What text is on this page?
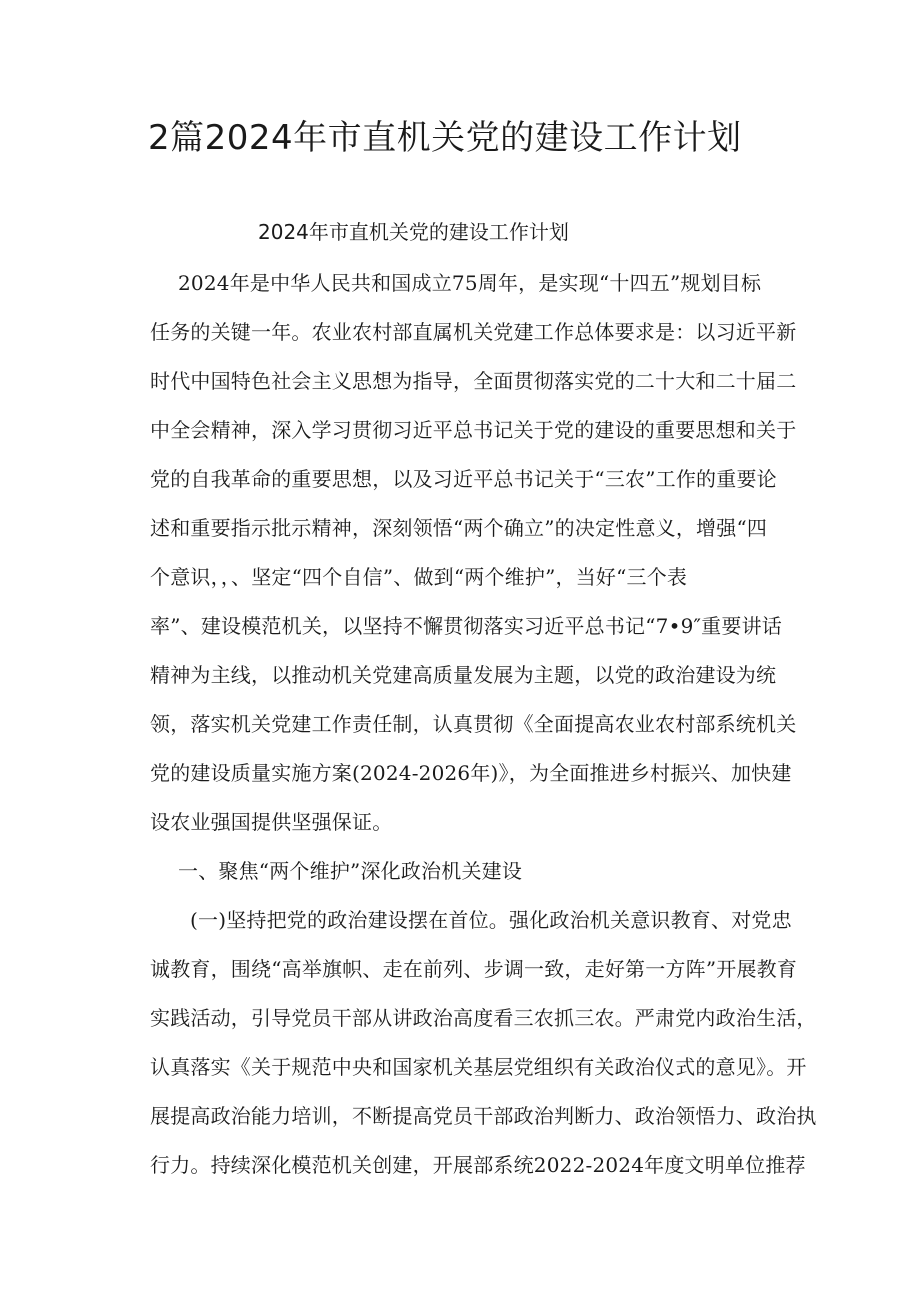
2篇2024年市直机关党的建设工作计划
2024年市直机关党的建设工作计划

2024年是中华人民共和国成立75周年，是实现“十四五”规划目标

任务的关键一年。农业农村部直属机关党建工作总体要求是：以习近平新

时代中国特色社会主义思想为指导，全面贯彻落实党的二十大和二十届二

中全会精神，深入学习贯彻习近平总书记关于党的建设的重要思想和关于

党的自我革命的重要思想，以及习近平总书记关于“三农”工作的重要论

述和重要指示批示精神，深刻领悟“两个确立”的决定性意义，增强“四

个意识，，、坚定“四个自信”、做到“两个维护”，当好“三个表

率”、建设模范机关，以坚持不懈贯彻落实习近平总书记“7•9″重要讲话

精神为主线，以推动机关党建高质量发展为主题，以党的政治建设为统

领，落实机关党建工作责任制，认真贯彻《全面提高农业农村部系统机关

党的建设质量实施方案(2024-2026年)》，为全面推进乡村振兴、加快建

设农业强国提供坚强保证。

一、聚焦“两个维护”深化政治机关建设

(一)坚持把党的政治建设摆在首位。强化政治机关意识教育、对党忠

诚教育，围绕“高举旗帜、走在前列、步调一致，走好第一方阵”开展教育

实践活动，引导党员干部从讲政治高度看三农抓三农。严肃党内政治生活，

认真落实《关于规范中央和国家机关基层党组织有关政治仪式的意见》。开

展提高政治能力培训，不断提高党员干部政治判断力、政治领悟力、政治执

行力。持续深化模范机关创建，开展部系统2022-2024年度文明单位推荐
